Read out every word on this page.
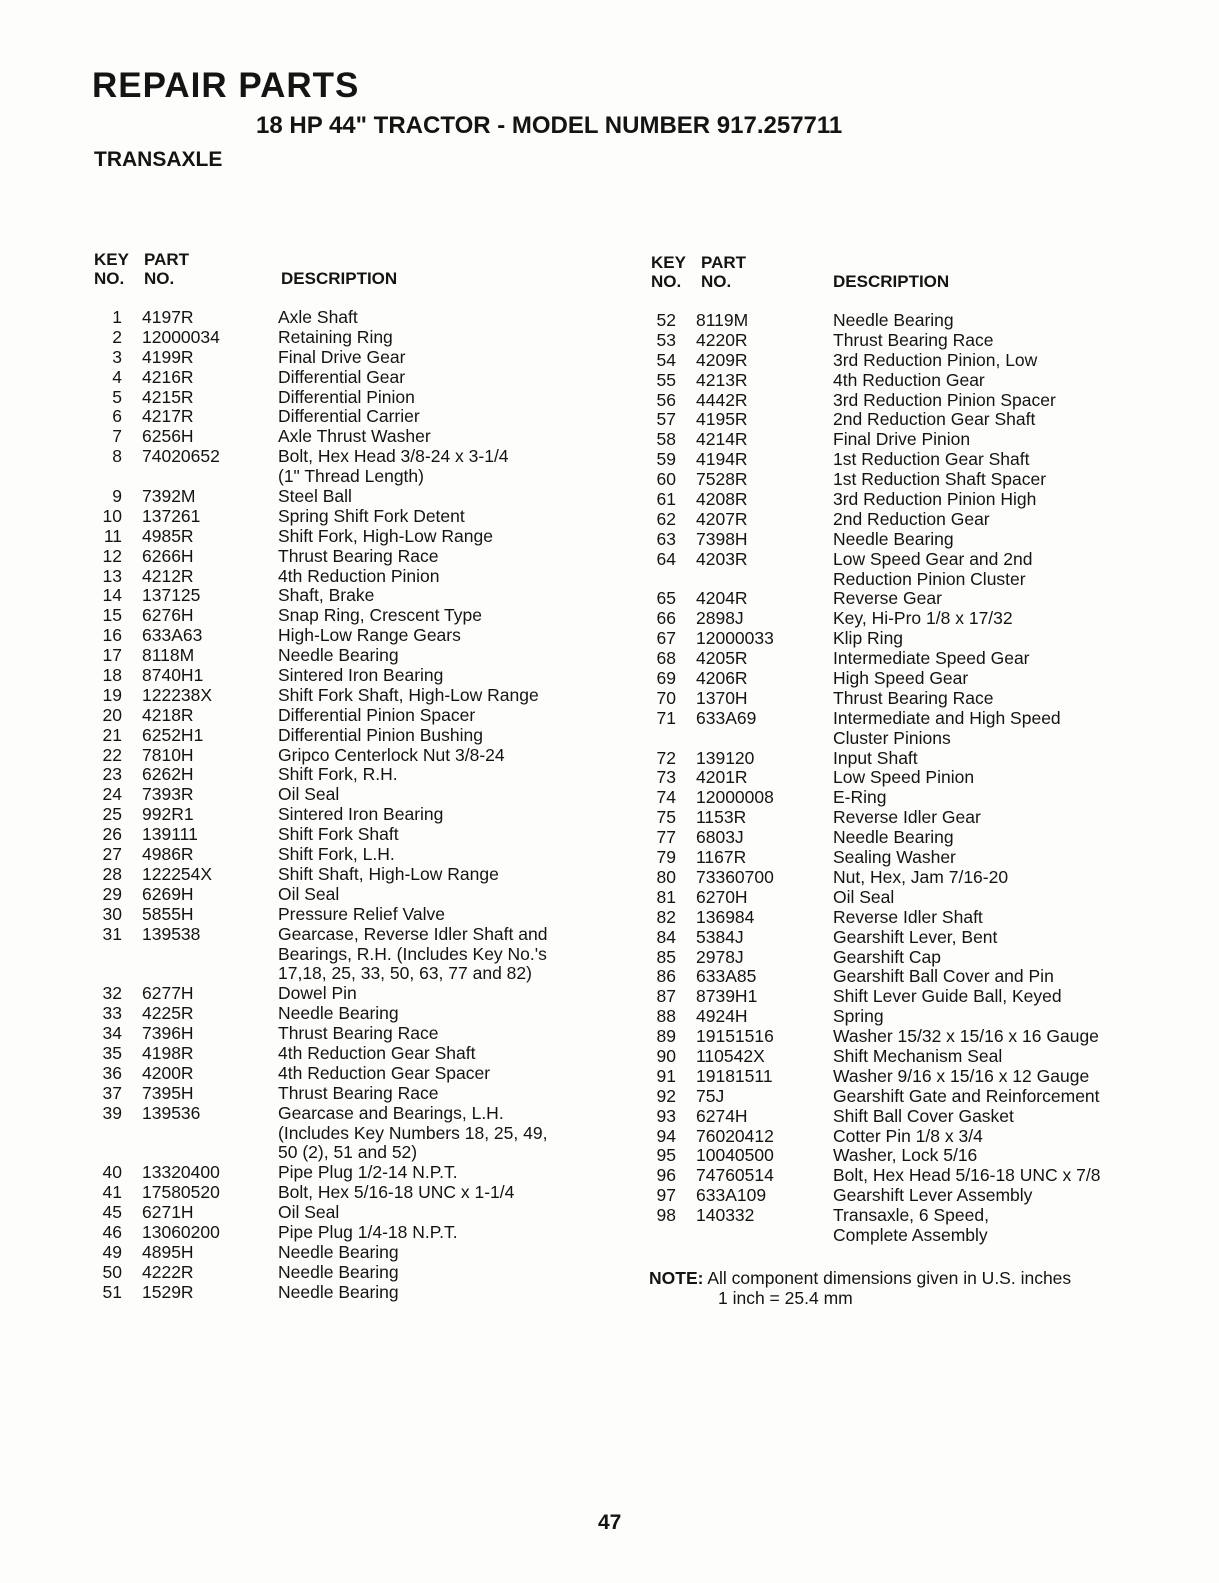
REPAIR PARTS
18 HP 44" TRACTOR - MODEL NUMBER 917.257711
TRANSAXLE
KEY
NO.
PART
NO.	DESCRIPTION
KEY
NO.
PART
NO.	DESCRIPTION
1 4197R	Axle Shaft
2 12000034	Retaining Ring
3 4199R	Final Drive Gear
4 4216R	Differential Gear
5 4215R	Differential Pinion
6 4217R	Differential Carrier
7 6256H	Axle Thrust Washer
8 74020652	Bolt, Hex Head 3/8-24 x 3-1/4
(1" Thread Length)
9 7392M	Steel Ball
10 137261	Spring Shift Fork Detent
11 4985R	Shift Fork, High-Low Range
12 6266H	Thrust Bearing Race
13 4212R	4th Reduction Pinion
14 137125	Shaft, Brake
15 6276H	Snap Ring, Crescent Type
16 633A63	High-Low Range Gears
17 8118M	Needle Bearing
18 8740H1	Sintered Iron Bearing
19 122238X	Shift Fork Shaft, High-Low Range
20 4218R	Differential Pinion Spacer
21 6252H1	Differential Pinion Bushing
22 7810H	Gripco Centerlock Nut 3/8-24
23 6262H	Shift Fork, R.H.
24 7393R	Oil Seal
25 992R1	Sintered Iron Bearing
26 139111	Shift Fork Shaft
27 4986R	Shift Fork, L.H.
28 122254X	Shift Shaft, High-Low Range
29 6269H	Oil Seal
30 5855H	Pressure Relief Valve
31 139538	Gearcase, Reverse Idler Shaft and
Bearings, R.H. (Includes Key No.'s
17,18, 25, 33, 50, 63, 77 and 82)
32 6277H	Dowel Pin
33 4225R	Needle Bearing
34 7396H	Thrust Bearing Race
35 4198R	4th Reduction Gear Shaft
36 4200R	4th Reduction Gear Spacer
37 7395H	Thrust Bearing Race
39 139536	Gearcase and Bearings, L.H.
(Includes Key Numbers 18, 25, 49,
50 (2), 51 and 52)
40 13320400	Pipe Plug 1/2-14 N.P.T.
41 17580520	Bolt, Hex 5/16-18 UNC x 1-1/4
45 6271H	Oil Seal
46 13060200	Pipe Plug 1/4-18 N.P.T.
49 4895H	Needle Bearing
50 4222R	Needle Bearing
51 1529R	Needle Bearing
52 8119M	Needle Bearing
53 4220R	Thrust Bearing Race
54 4209R	3rd Reduction Pinion, Low
55 4213R	4th Reduction Gear
56 4442R	3rd Reduction Pinion Spacer
57 4195R	2nd Reduction Gear Shaft
58 4214R	Final Drive Pinion
59 4194R	1st Reduction Gear Shaft
60 7528R	1st Reduction Shaft Spacer
61 4208R	3rd Reduction Pinion High
62 4207R	2nd Reduction Gear
63 7398H	Needle Bearing
64 4203R	Low Speed Gear and 2nd
Reduction Pinion Cluster
65 4204R	Reverse Gear
66 2898J	Key, Hi-Pro 1/8 x 17/32
67 12000033	Klip Ring
68 4205R	Intermediate Speed Gear
69 4206R	High Speed Gear
70 1370H	Thrust Bearing Race
71 633A69	Intermediate and High Speed
Cluster Pinions
72 139120	Input Shaft
73 4201R	Low Speed Pinion
74 12000008	E-Ring
75 1153R	Reverse Idler Gear
77 6803J	Needle Bearing
79 1167R	Sealing Washer
80 73360700	Nut, Hex, Jam 7/16-20
81 6270H	Oil Seal
82 136984	Reverse Idler Shaft
84 5384J	Gearshift Lever, Bent
85 2978J	Gearshift Cap
86 633A85	Gearshift Ball Cover and Pin
87 8739H1	Shift Lever Guide Ball, Keyed
88 4924H	Spring
89 19151516	Washer 15/32 x 15/16 x 16 Gauge
90 110542X	Shift Mechanism Seal
91 19181511	Washer 9/16 x 15/16 x 12 Gauge
92 75J	Gearshift Gate and Reinforcement
93 6274H	Shift Ball Cover Gasket
94 76020412	Cotter Pin 1/8 x 3/4
95 10040500	Washer, Lock 5/16
96 74760514	Bolt, Hex Head 5/16-18 UNC x 7/8
97 633A109	Gearshift Lever Assembly
98 140332	Transaxle, 6 Speed,
Complete Assembly
NOTE: All component dimensions given in U.S. inches
1 inch = 25.4 mm
47
